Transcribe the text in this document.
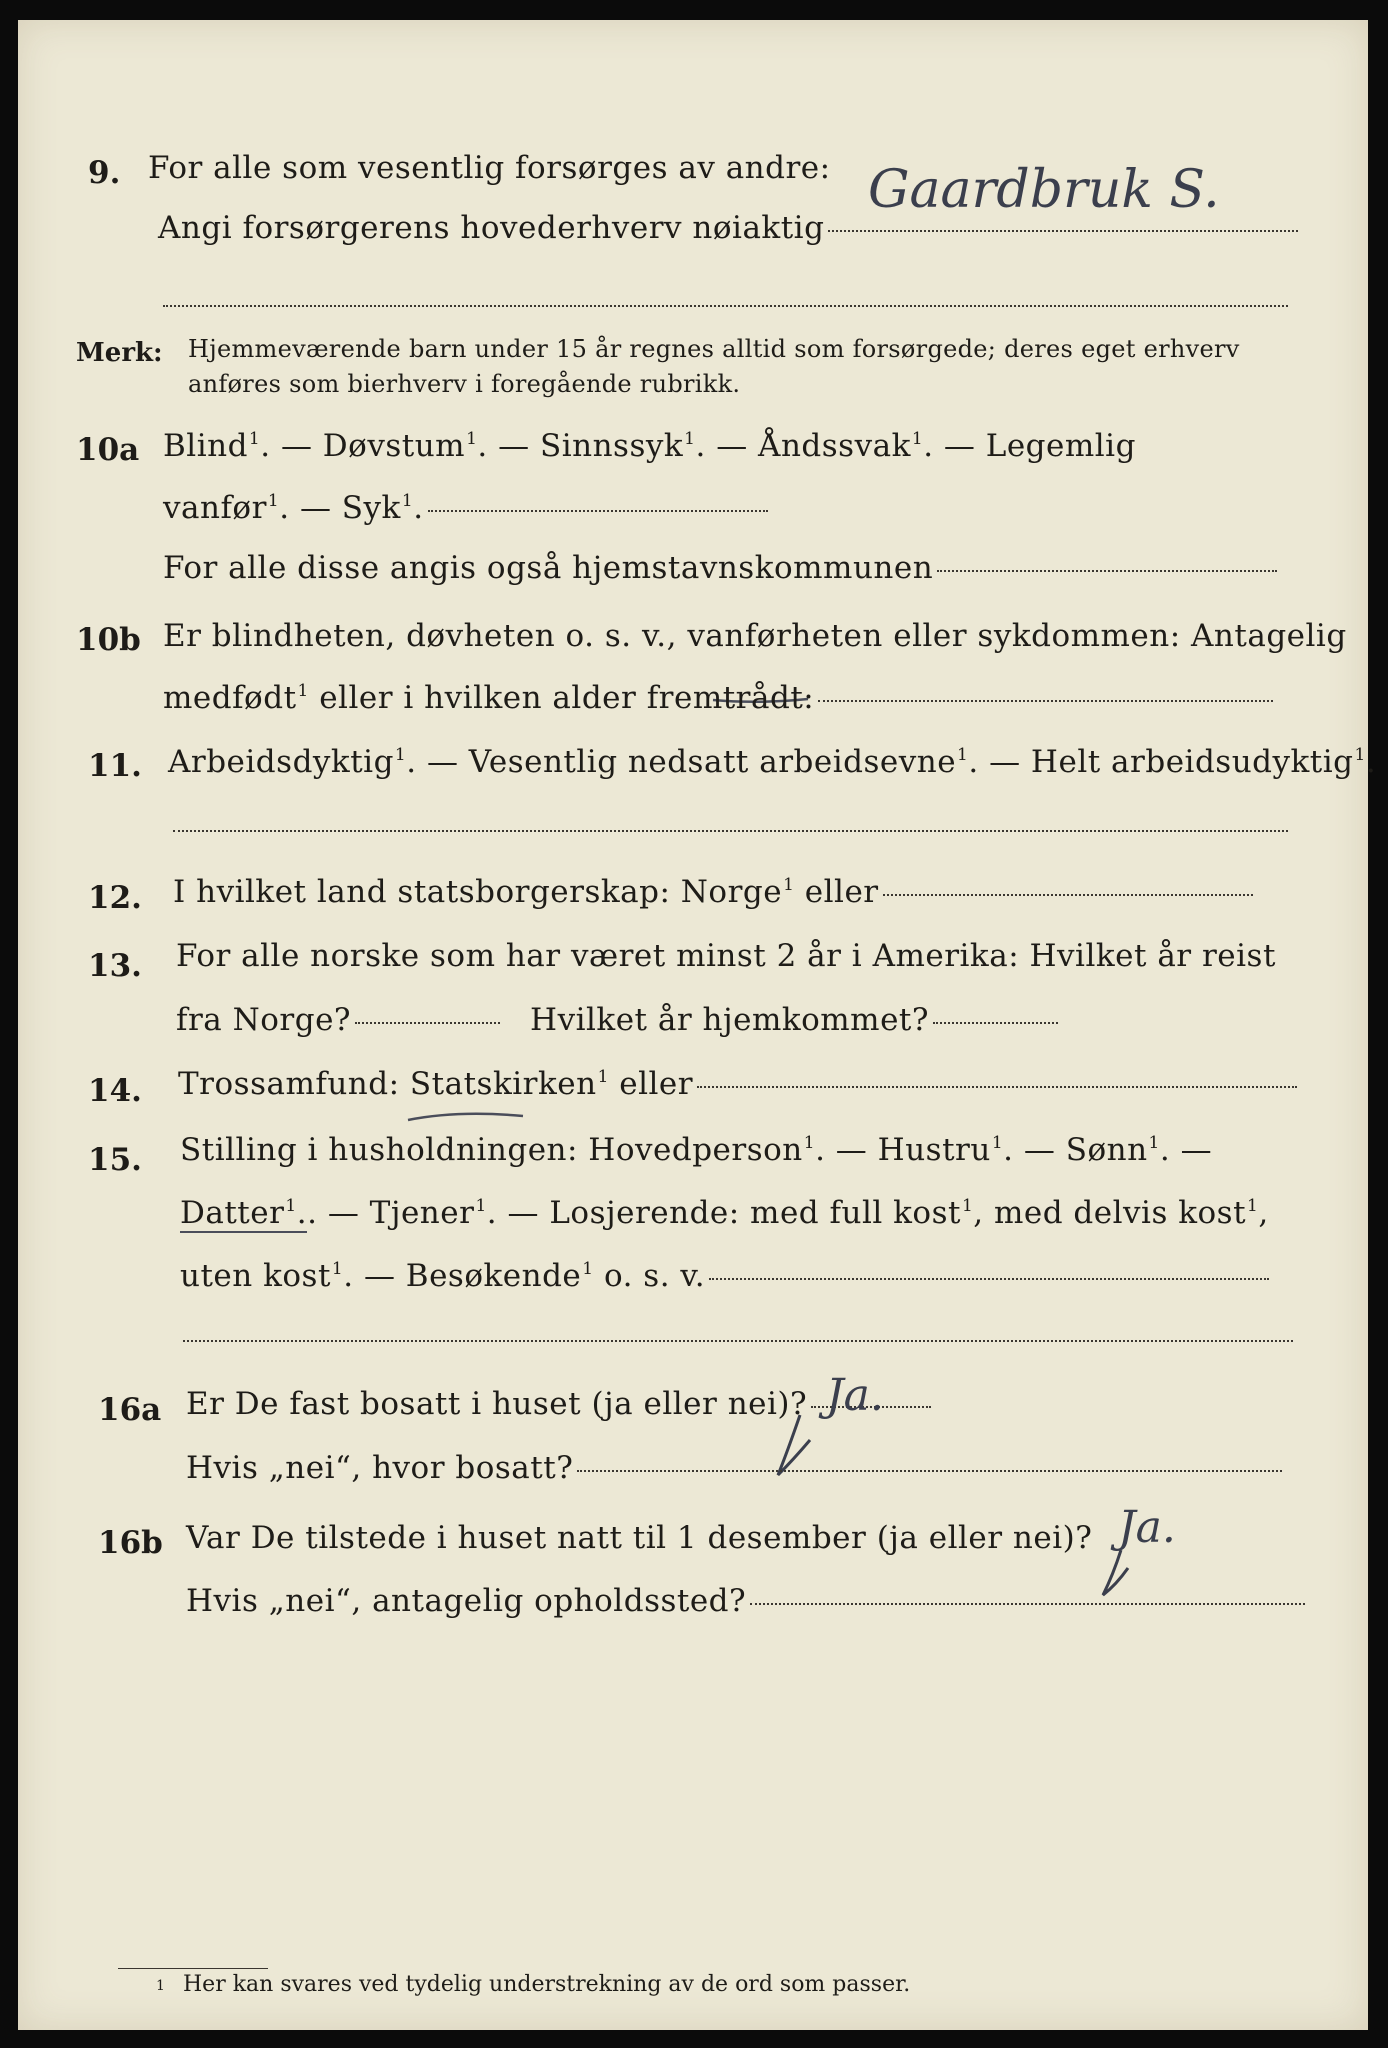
9. For alle som vesentlig forsørges av andre: Gaardbruk S.
Angi forsørgerens hovederhverv nøiaktig
Merk: Hjemmeværende barn under 15 år regnes alltid som forsørgede; deres eget erhverv
anføres som bierhverv i foregående rubrikk.
10a Blind$^1$. — Døvstum$^1$. — Sinnssyk$^1$. — Åndssvak$^1$. — Legemlig
vanfør$^1$. — Syk$^1$.
For alle disse angis også hjemstavnskommunen
10b Er blindheten, døvheten o. s. v., vanførheten eller sykdommen: Antagelig
medfødt$^1$ eller i hvilken alder fremtrådt:
11. Arbeidsdyktig$^1$. — Vesentlig nedsatt arbeidsevne$^1$. — Helt arbeidsudyktig$^1$.
12. I hvilket land statsborgerskap: Norge$^1$ eller
13. For alle norske som har været minst 2 år i Amerika: Hvilket år reist
fra Norge?	Hvilket år hjemkommet?
14. Trossamfund: Statskirken$^1$ eller
15. Stilling i husholdningen: Hovedperson$^1$. — Hustru$^1$. — Sønn$^1$. —
Datter$^1$.. — Tjener$^1$. — Losjerende: med full kost$^1$, med delvis kost$^1$,
uten kost$^1$. — Besøkende$^1$ o. s. v.
16a Er De fast bosatt i huset (ja eller nei)? Ja.
Hvis „nei“, hvor bosatt?
16b Var De tilstede i huset natt til 1 desember (ja eller nei)? Ja.
Hvis „nei“, antagelig opholdssted?
1 Her kan svares ved tydelig understrekning av de ord som passer.
